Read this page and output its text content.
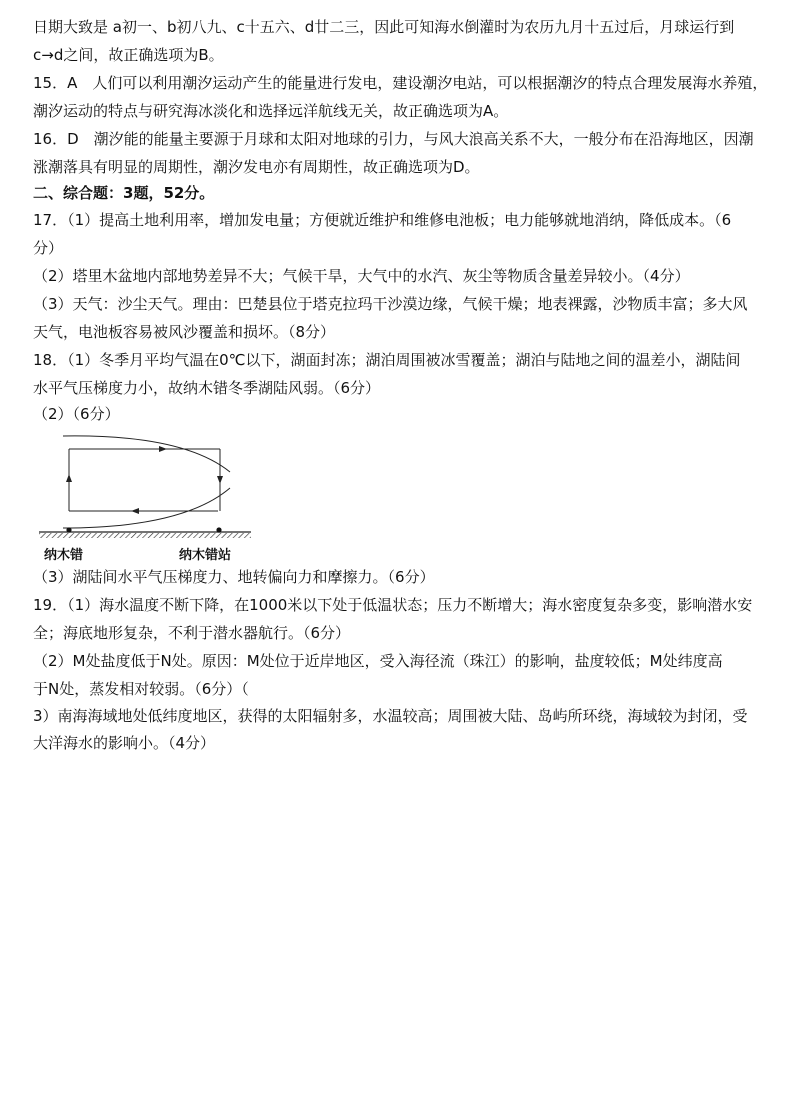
日期大致是 a初一、b初八九、c十五六、d廿二三，因此可知海水倒灌时为农历九月十五过后，月球运行到
c→d之间，故正确选项为B。
15．A　人们可以利用潮汐运动产生的能量进行发电，建设潮汐电站，可以根据潮汐的特点合理发展海水养殖，
潮汐运动的特点与研究海冰淡化和选择远洋航线无关，故正确选项为A。
16．D　潮汐能的能量主要源于月球和太阳对地球的引力，与风大浪高关系不大，一般分布在沿海地区，因潮
涨潮落具有明显的周期性，潮汐发电亦有周期性，故正确选项为D。
二、综合题：3题，52分。
17．（1）提高土地利用率，增加发电量；方便就近维护和维修电池板；电力能够就地消纳，降低成本。（6
分）
（2）塔里木盆地内部地势差异不大；气候干旱，大气中的水汽、灰尘等物质含量差异较小。（4分）
（3）天气：沙尘天气。理由：巴楚县位于塔克拉玛干沙漠边缘，气候干燥；地表裸露，沙物质丰富；多大风
天气，电池板容易被风沙覆盖和损坏。（8分）
18．（1）冬季月平均气温在0℃以下，湖面封冻；湖泊周围被冰雪覆盖；湖泊与陆地之间的温差小，湖陆间
水平气压梯度力小，故纳木错冬季湖陆风弱。（6分）
（2）（6分）
纳木错	纳木错站
（3）湖陆间水平气压梯度力、地转偏向力和摩擦力。（6分）
19．（1）海水温度不断下降，在1000米以下处于低温状态；压力不断增大；海水密度复杂多变，影响潜水安
全；海底地形复杂，不利于潜水器航行。（6分）
（2）M处盐度低于N处。原因：M处位于近岸地区，受入海径流（珠江）的影响，盐度较低；M处纬度高
于N处，蒸发相对较弱。（6分）（
3）南海海域地处低纬度地区，获得的太阳辐射多，水温较高；周围被大陆、岛屿所环绕，海域较为封闭，受
大洋海水的影响小。（4分）
